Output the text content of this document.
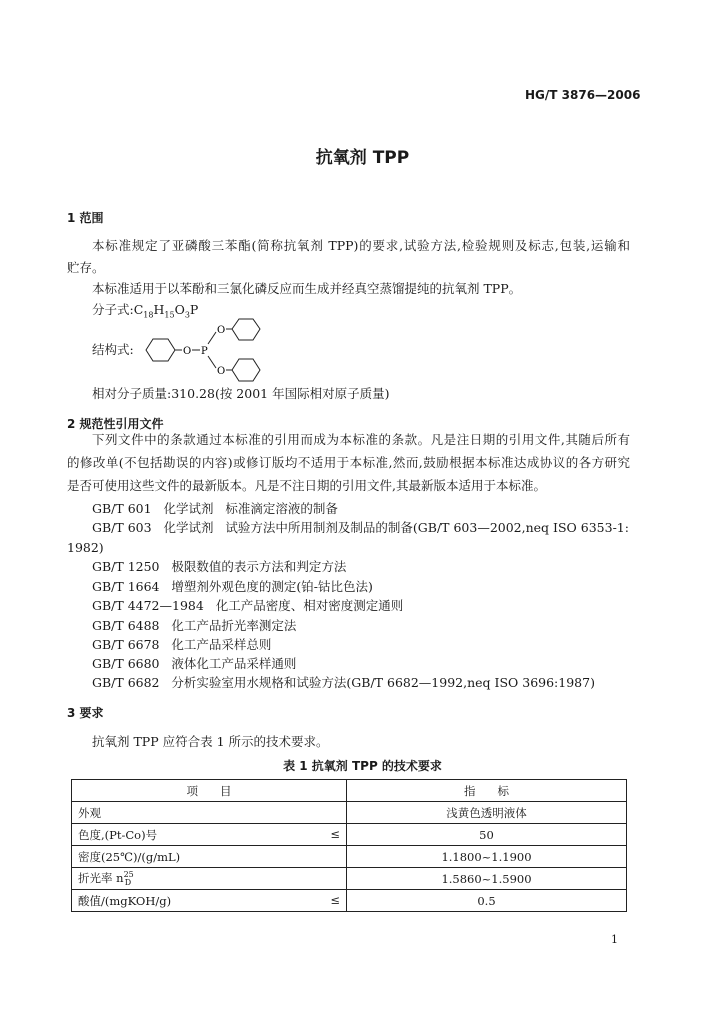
HG/T 3876—2006
抗氧剂 TPP
1 范围
本标准规定了亚磷酸三苯酯(简称抗氧剂 TPP)的要求,试验方法,检验规则及标志,包装,运输和
贮存。
本标准适用于以苯酚和三氯化磷反应而生成并经真空蒸馏提纯的抗氧剂 TPP。
分子式$:C_{18}H_{15}O_3P$
结构式:	O P
O
O
相对分子质量:310.28(按 2001 年国际相对原子质量)
2 规范性引用文件
下列文件中的条款通过本标准的引用而成为本标准的条款。凡是注日期的引用文件,其随后所有
的修改单(不包括勘误的内容)或修订版均不适用于本标准,然而,鼓励根据本标准达成协议的各方研究
是否可使用这些文件的最新版本。凡是不注日期的引用文件,其最新版本适用于本标准。
GB/T 601   化学试剂   标准滴定溶液的制备
GB/T 603   化学试剂   试验方法中所用制剂及制品的制备(GB/T 603—2002,neq ISO 6353-1:
1982)
GB/T 1250   极限数值的表示方法和判定方法
GB/T 1664   增塑剂外观色度的测定(铂-钴比色法)
GB/T 4472—1984   化工产品密度、相对密度测定通则
GB/T 6488   化工产品折光率测定法
GB/T 6678   化工产品采样总则
GB/T 6680   液体化工产品采样通则
GB/T 6682   分析实验室用水规格和试验方法(GB/T 6682—1992,neq ISO 3696:1987)
3 要求
抗氧剂 TPP 应符合表 1 所示的技术要求。
表 1 抗氧剂 TPP 的技术要求
项      目	指      标
外观	浅黄色透明液体
色度,(Pt-Co)号 ≤	50
密度(25℃)/(g/mL)	1.1800~1.1900
折光率 $n^{25}_D$	1.5860~1.5900
酸值/(mgKOH/g) ≤	0.5
1
